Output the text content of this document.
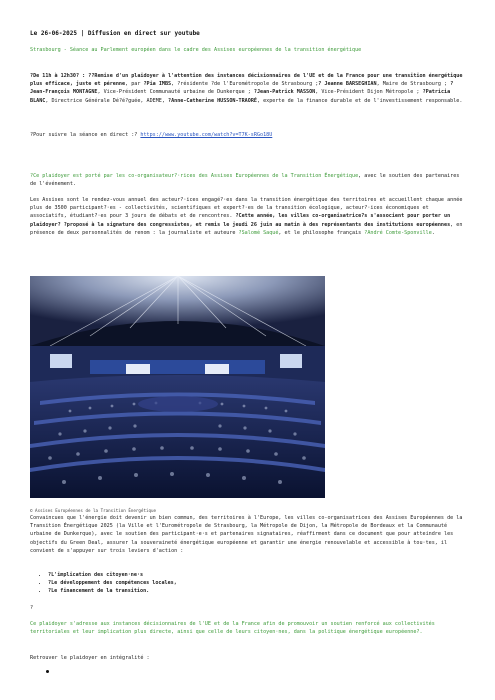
Le 26-06-2025 | Diffusion en direct sur youtube
Strasbourg - Séance au Parlement européen dans le cadre des Assises européennes de la transition énergétique
?De 11h à 12h30? : ??Remise d'un plaidoyer à l'attention des instances décisionnaires de l'UE et de la France pour une transition énergétique plus efficace, juste et pérenne, par ?Pia IMBS, ?résidente ?de l'Eurométropole de Strasbourg ;? Jeanne BARSEGHIAN, Maire de Strasbourg ; ?Jean-François MONTAGNE, Vice-Président Communauté urbaine de Dunkerque ; ?Jean-Patrick MASSON, Vice-Président Dijon Métropole ; ?Patricia BLANC, Directrice Générale Dé?é?guée, ADEME, ?Anne-Catherine HUSSON-TRAORÉ, experte de la finance durable et de l'investissement responsable.
?Pour suivre la séance en direct :? https://www.youtube.com/watch?v=T7K-sRGo18U
?Ce plaidoyer est porté par les co-organisateur?·rices des Assises Européennes de la Transition Énergétique, avec le soutien des partenaires de l'événement.
Les Assises sont le rendez-vous annuel des acteur?·ices engagé?·es dans la transition énergétique des territoires et accueillent chaque année plus de 3500 participant?·es - collectivités, scientifiques et expert?·es de la transition écologique, acteur?·ices économiques et associatifs, étudiant?·es pour 3 jours de débats et de rencontres. ?Cette année, les villes co-organisatrice?s s'associent pour porter un plaidoyer? ?proposé à la signature des congressistes, et remis le jeudi 26 juin au matin à des représentants des institutions européennes, en présence de deux personnalités de renom : la journaliste et auteure ?Salomé Saqué, et le philosophe français ?André Comte-Sponville.
© Assises Européennes de la Transition Énergétique
Convaincues que l'énergie doit devenir un bien commun, des territoires à l'Europe, les villes co-organisatrices des Assises Européennes de la Transition Énergétique 2025 (la Ville et l'Eurométropole de Strasbourg, la Métropole de Dijon, la Métropole de Bordeaux et la Communauté urbaine de Dunkerque), avec le soutien des participant·e·s et partenaires signataires, réaffirment dans ce document que pour atteindre les objectifs du Green Deal, assurer la souveraineté énergétique européenne et garantir une énergie renouvelable et accessible à tou·tes, il convient de s'appuyer sur trois leviers d'action :
• ?L'implication des citoyen·ne·s
• ?Le développement des compétences locales,
• ?Le financement de la transition.
?
Ce plaidoyer s'adresse aux instances décisionnaires de l'UE et de la France afin de promouvoir un soutien renforcé aux collectivités territoriales et leur implication plus directe, ainsi que celle de leurs citoyen·nes, dans la politique énergétique européenne?.
Retrouver le plaidoyer en intégralité :
